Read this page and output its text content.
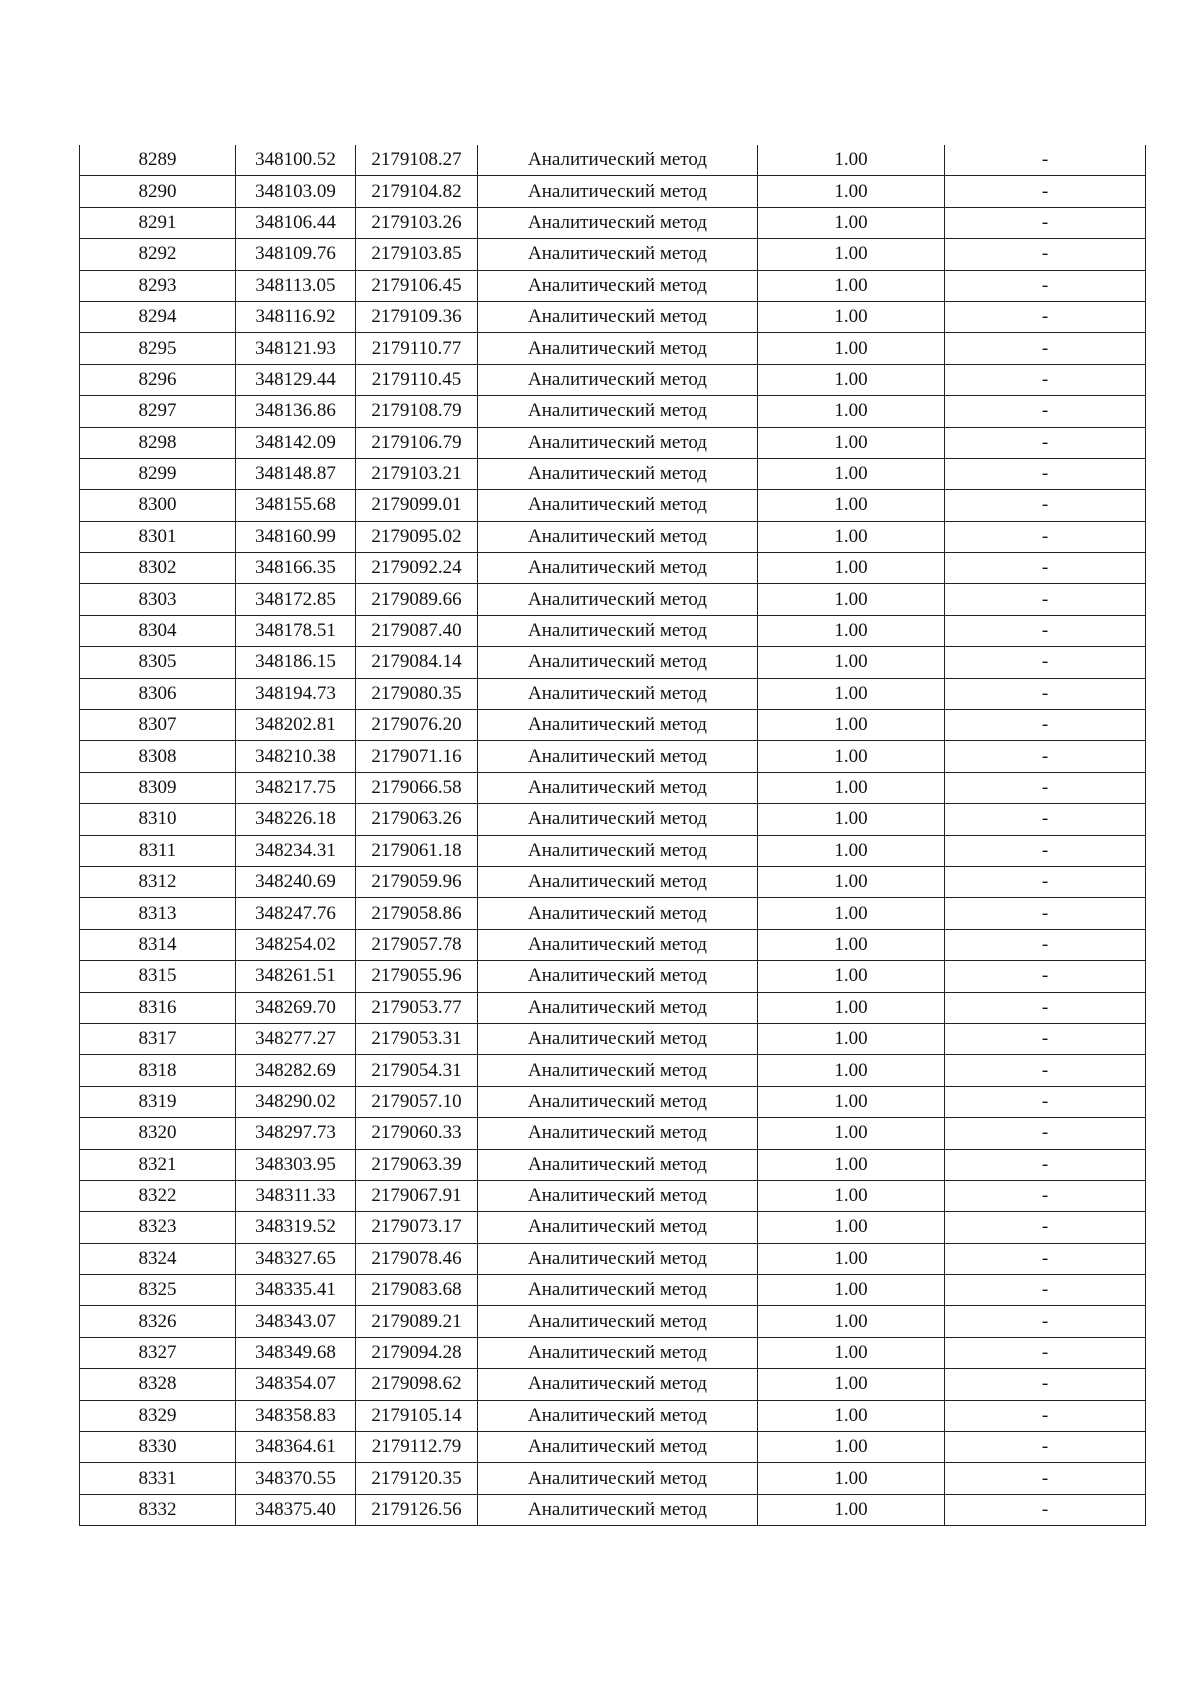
8289	348100.52	2179108.27	Аналитический метод	1.00	-
8290	348103.09	2179104.82	Аналитический метод	1.00	-
8291	348106.44	2179103.26	Аналитический метод	1.00	-
8292	348109.76	2179103.85	Аналитический метод	1.00	-
8293	348113.05	2179106.45	Аналитический метод	1.00	-
8294	348116.92	2179109.36	Аналитический метод	1.00	-
8295	348121.93	2179110.77	Аналитический метод	1.00	-
8296	348129.44	2179110.45	Аналитический метод	1.00	-
8297	348136.86	2179108.79	Аналитический метод	1.00	-
8298	348142.09	2179106.79	Аналитический метод	1.00	-
8299	348148.87	2179103.21	Аналитический метод	1.00	-
8300	348155.68	2179099.01	Аналитический метод	1.00	-
8301	348160.99	2179095.02	Аналитический метод	1.00	-
8302	348166.35	2179092.24	Аналитический метод	1.00	-
8303	348172.85	2179089.66	Аналитический метод	1.00	-
8304	348178.51	2179087.40	Аналитический метод	1.00	-
8305	348186.15	2179084.14	Аналитический метод	1.00	-
8306	348194.73	2179080.35	Аналитический метод	1.00	-
8307	348202.81	2179076.20	Аналитический метод	1.00	-
8308	348210.38	2179071.16	Аналитический метод	1.00	-
8309	348217.75	2179066.58	Аналитический метод	1.00	-
8310	348226.18	2179063.26	Аналитический метод	1.00	-
8311	348234.31	2179061.18	Аналитический метод	1.00	-
8312	348240.69	2179059.96	Аналитический метод	1.00	-
8313	348247.76	2179058.86	Аналитический метод	1.00	-
8314	348254.02	2179057.78	Аналитический метод	1.00	-
8315	348261.51	2179055.96	Аналитический метод	1.00	-
8316	348269.70	2179053.77	Аналитический метод	1.00	-
8317	348277.27	2179053.31	Аналитический метод	1.00	-
8318	348282.69	2179054.31	Аналитический метод	1.00	-
8319	348290.02	2179057.10	Аналитический метод	1.00	-
8320	348297.73	2179060.33	Аналитический метод	1.00	-
8321	348303.95	2179063.39	Аналитический метод	1.00	-
8322	348311.33	2179067.91	Аналитический метод	1.00	-
8323	348319.52	2179073.17	Аналитический метод	1.00	-
8324	348327.65	2179078.46	Аналитический метод	1.00	-
8325	348335.41	2179083.68	Аналитический метод	1.00	-
8326	348343.07	2179089.21	Аналитический метод	1.00	-
8327	348349.68	2179094.28	Аналитический метод	1.00	-
8328	348354.07	2179098.62	Аналитический метод	1.00	-
8329	348358.83	2179105.14	Аналитический метод	1.00	-
8330	348364.61	2179112.79	Аналитический метод	1.00	-
8331	348370.55	2179120.35	Аналитический метод	1.00	-
8332	348375.40	2179126.56	Аналитический метод	1.00	-
